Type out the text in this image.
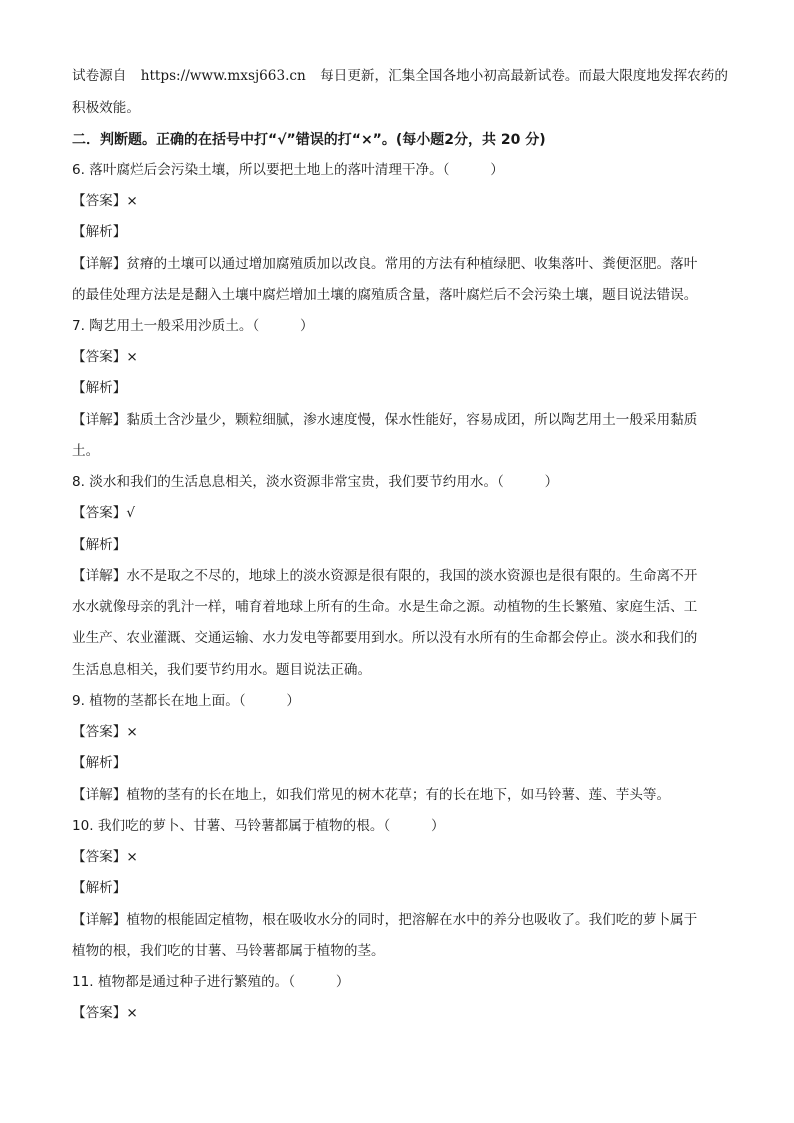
试卷源自 https://www.mxsj663.cn 每日更新，汇集全国各地小初高最新试卷。而最大限度地发挥农药的
积极效能。
二．判断题。正确的在括号中打“√”错误的打“×”。(每小题2分，共 20 分)
6. 落叶腐烂后会污染土壤，所以要把土地上的落叶清理干净。（　　　）
【答案】×
【解析】
【详解】贫瘠的土壤可以通过增加腐殖质加以改良。常用的方法有种植绿肥、收集落叶、粪便沤肥。落叶
的最佳处理方法是是翻入土壤中腐烂增加土壤的腐殖质含量，落叶腐烂后不会污染土壤，题目说法错误。
7. 陶艺用土一般采用沙质土。（　　　）
【答案】×
【解析】
【详解】黏质土含沙量少，颗粒细腻，渗水速度慢，保水性能好，容易成团，所以陶艺用土一般采用黏质
土。
8. 淡水和我们的生活息息相关，淡水资源非常宝贵，我们要节约用水。（　　　）
【答案】√
【解析】
【详解】水不是取之不尽的，地球上的淡水资源是很有限的，我国的淡水资源也是很有限的。生命离不开
水水就像母亲的乳汁一样，哺育着地球上所有的生命。水是生命之源。动植物的生长繁殖、家庭生活、工
业生产、农业灌溉、交通运输、水力发电等都要用到水。所以没有水所有的生命都会停止。淡水和我们的
生活息息相关，我们要节约用水。题目说法正确。
9. 植物的茎都长在地上面。（　　　）
【答案】×
【解析】
【详解】植物的茎有的长在地上，如我们常见的树木花草；有的长在地下，如马铃薯、莲、芋头等。
10. 我们吃的萝卜、甘薯、马铃薯都属于植物的根。（　　　）
【答案】×
【解析】
【详解】植物的根能固定植物，根在吸收水分的同时，把溶解在水中的养分也吸收了。我们吃的萝卜属于
植物的根，我们吃的甘薯、马铃薯都属于植物的茎。
11. 植物都是通过种子进行繁殖的。（　　　）
【答案】×
